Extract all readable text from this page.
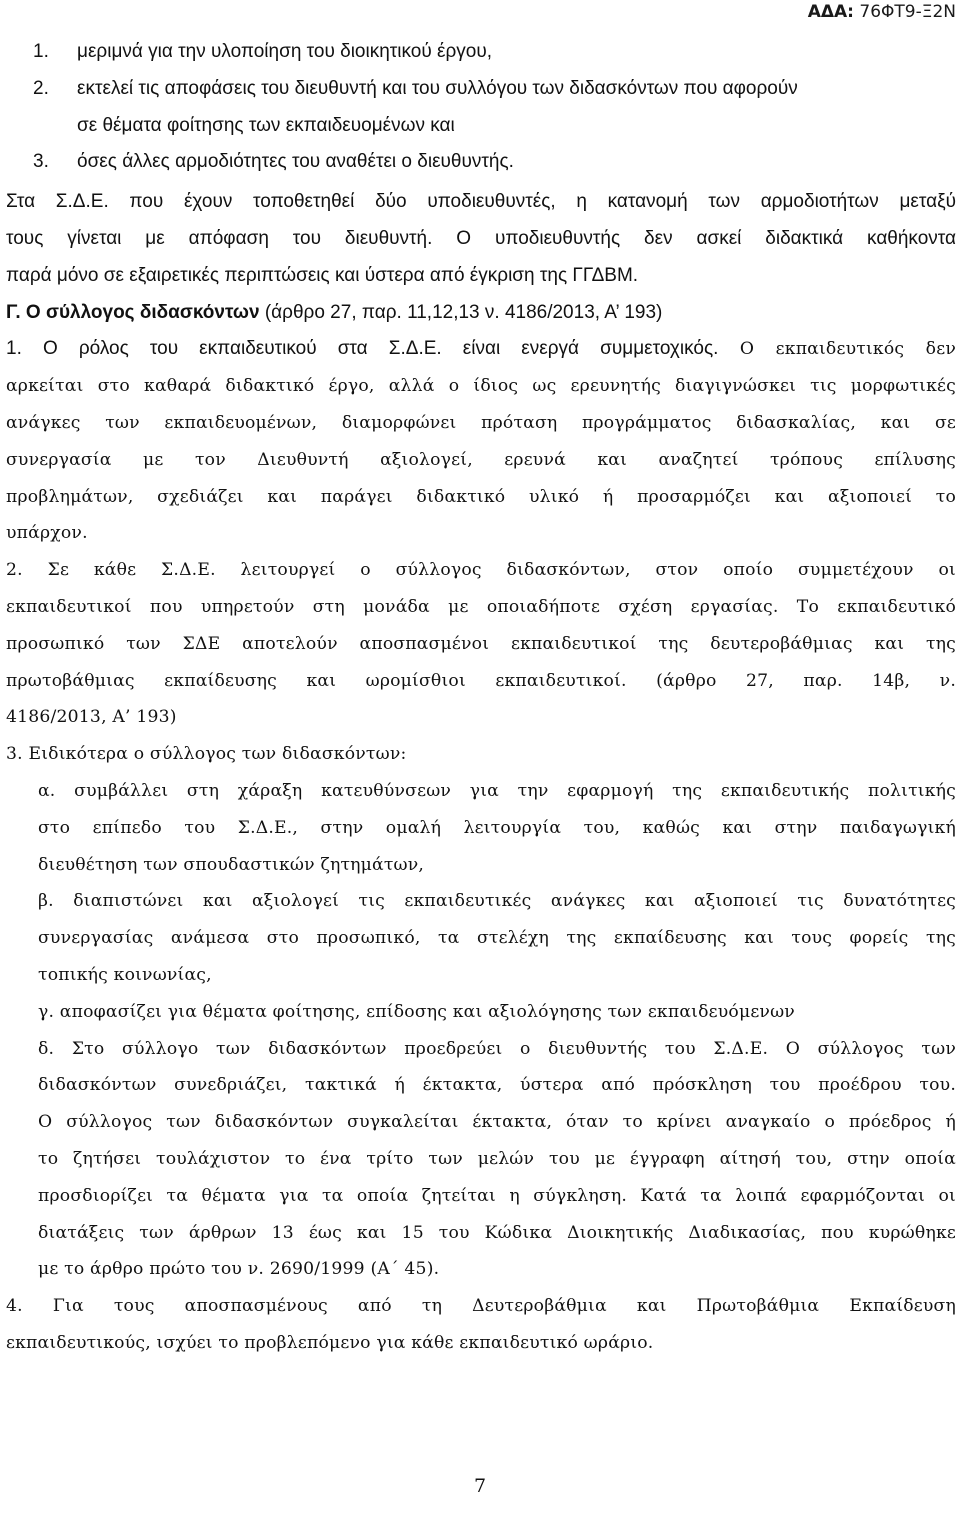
ΑΔΑ: 76ΦΤ9-Ξ2Ν
1.	μεριμνά για την υλοποίηση του διοικητικού έργου,
2.	εκτελεί τις αποφάσεις του διευθυντή και του συλλόγου των διδασκόντων που αφορούν
σε θέματα φοίτησης των εκπαιδευομένων και
3.	όσες άλλες αρμοδιότητες του αναθέτει ο διευθυντής.

Στα Σ.Δ.Ε. που έχουν τοποθετηθεί δύο υποδιευθυντές, η κατανομή των αρμοδιοτήτων μεταξύ

τους γίνεται με απόφαση του διευθυντή. Ο υποδιευθυντής δεν ασκεί διδακτικά καθήκοντα

παρά μόνο σε εξαιρετικές περιπτώσεις και ύστερα από έγκριση της ΓΓΔΒΜ.

Γ. Ο σύλλογος διδασκόντων (άρθρο 27, παρ. 11,12,13 ν. 4186/2013, Α’ 193)

1. Ο ρόλος του εκπαιδευτικού στα Σ.Δ.Ε. είναι ενεργά συμμετοχικός. Ο εκπαιδευτικός δεν

αρκείται στο καθαρά διδακτικό έργο, αλλά ο ίδιος ως ερευνητής διαγιγνώσκει τις μορφωτικές

ανάγκες των εκπαιδευομένων, διαμορφώνει πρόταση προγράμματος διδασκαλίας, και σε

συνεργασία με τον Διευθυντή αξιολογεί, ερευνά και αναζητεί τρόπους επίλυσης

προβλημάτων, σχεδιάζει και παράγει διδακτικό υλικό ή προσαρμόζει και αξιοποιεί το

υπάρχον.

2. Σε κάθε Σ.Δ.Ε. λειτουργεί ο σύλλογος διδασκόντων, στον οποίο συμμετέχουν οι

εκπαιδευτικοί που υπηρετούν στη μονάδα με οποιαδήποτε σχέση εργασίας. Το εκπαιδευτικό

προσωπικό των ΣΔΕ αποτελούν αποσπασμένοι εκπαιδευτικοί της δευτεροβάθμιας και της

πρωτοβάθμιας εκπαίδευσης και ωρομίσθιοι εκπαιδευτικοί. (άρθρο 27, παρ. 14β, ν.

4186/2013, Α’ 193)

3. Ειδικότερα ο σύλλογος των διδασκόντων:

α. συμβάλλει στη χάραξη κατευθύνσεων για την εφαρμογή της εκπαιδευτικής πολιτικής

στο επίπεδο του Σ.Δ.Ε., στην ομαλή λειτουργία του, καθώς και στην παιδαγωγική

διευθέτηση των σπουδαστικών ζητημάτων,

β. διαπιστώνει και αξιολογεί τις εκπαιδευτικές ανάγκες και αξιοποιεί τις δυνατότητες

συνεργασίας ανάμεσα στο προσωπικό, τα στελέχη της εκπαίδευσης και τους φορείς της

τοπικής κοινωνίας,

γ. αποφασίζει για θέματα φοίτησης, επίδοσης και αξιολόγησης των εκπαιδευόμενων

δ. Στο σύλλογο των διδασκόντων προεδρεύει ο διευθυντής του Σ.Δ.Ε. Ο σύλλογος των

διδασκόντων συνεδριάζει, τακτικά ή έκτακτα, ύστερα από πρόσκληση του προέδρου του.

Ο σύλλογος των διδασκόντων συγκαλείται έκτακτα, όταν το κρίνει αναγκαίο ο πρόεδρος ή

το ζητήσει τουλάχιστον το ένα τρίτο των μελών του με έγγραφη αίτησή του, στην οποία

προσδιορίζει τα θέματα για τα οποία ζητείται η σύγκληση. Κατά τα λοιπά εφαρμόζονται οι

διατάξεις των άρθρων 13 έως και 15 του Κώδικα Διοικητικής Διαδικασίας, που κυρώθηκε

με το άρθρο πρώτο του ν. 2690/1999 (Α΄ 45).

4. Για τους αποσπασμένους από τη Δευτεροβάθμια και Πρωτοβάθμια Εκπαίδευση

εκπαιδευτικούς, ισχύει το προβλεπόμενο για κάθε εκπαιδευτικό ωράριο.

7
